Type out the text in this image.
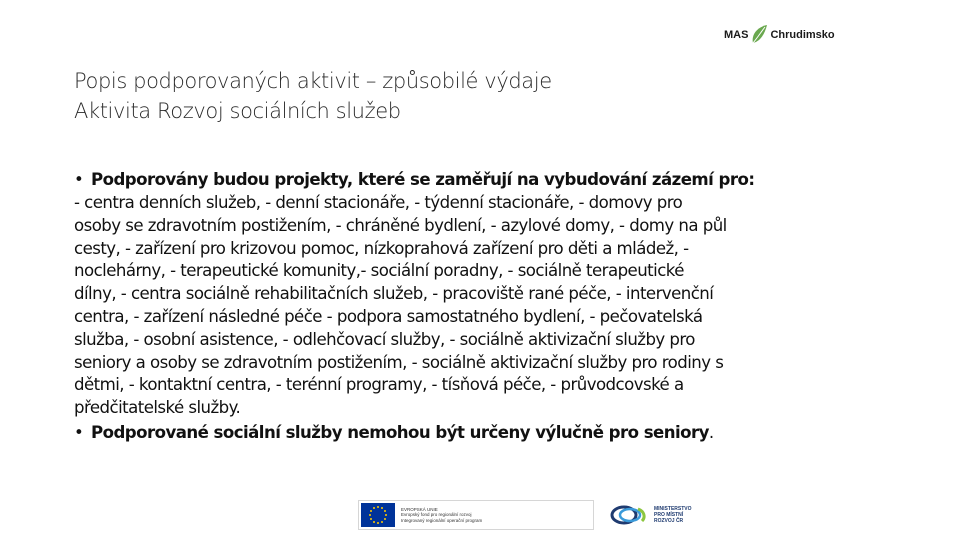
MAS Chrudimsko
Popis podporovaných aktivit – způsobilé výdaje
Aktivita Rozvoj sociálních služeb
• Podporovány budou projekty, které se zaměřují na vybudování zázemí pro:
- centra denních služeb, - denní stacionáře, - týdenní stacionáře, - domovy pro
osoby se zdravotním postižením, - chráněné bydlení, - azylové domy, - domy na půl
cesty, - zařízení pro krizovou pomoc, nízkoprahová zařízení pro děti a mládež, -
noclehárny, - terapeutické komunity,- sociální poradny, - sociálně terapeutické
dílny, - centra sociálně rehabilitačních služeb, - pracoviště rané péče, - intervenční
centra, - zařízení následné péče - podpora samostatného bydlení, - pečovatelská
služba, - osobní asistence, - odlehčovací služby, - sociálně aktivizační služby pro
seniory a osoby se zdravotním postižením, - sociálně aktivizační služby pro rodiny s
dětmi, - kontaktní centra, - terénní programy, - tísňová péče, - průvodcovské a
předčitatelské služby.
• Podporované sociální služby nemohou být určeny výlučně pro seniory.
EVROPSKÁ UNIE
Evropský fond pro regionální rozvoj
Integrovaný regionální operační program
MINISTERSTVO
PRO MÍSTNÍ
ROZVOJ ČR
